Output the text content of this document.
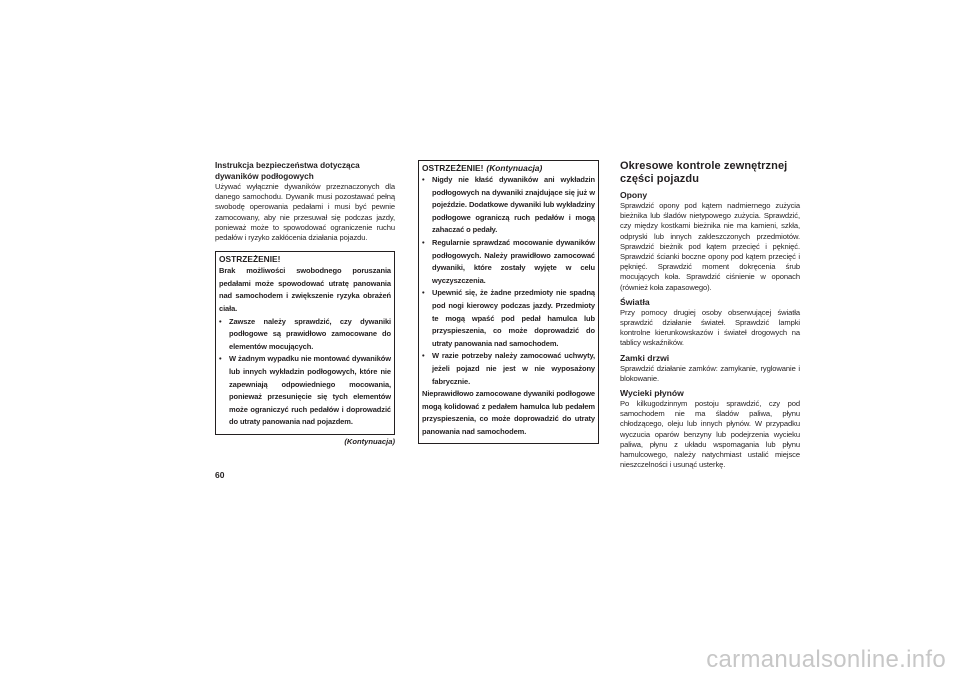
Instrukcja bezpieczeństwa dotycząca dywaników podłogowych

Używać wyłącznie dywaników przeznaczonych dla danego samochodu. Dywanik musi pozostawać pełną swobodę operowania pedałami i musi być pewnie zamocowany, aby nie przesuwał się podczas jazdy, ponieważ może to spowodować ograniczenie ruchu pedałów i ryzyko zakłócenia działania pojazdu.

OSTRZEŻENIE!

Brak możliwości swobodnego poruszania pedałami może spowodować utratę panowania nad samochodem i zwiększenie ryzyka obrażeń ciała.

• Zawsze należy sprawdzić, czy dywaniki podłogowe są prawidłowo zamocowane do elementów mocujących.
• W żadnym wypadku nie montować dywaników lub innych wykładzin podłogowych, które nie zapewniają odpowiedniego mocowania, ponieważ przesunięcie się tych elementów może ograniczyć ruch pedałów i doprowadzić do utraty panowania nad pojazdem.
(Kontynuacja)

OSTRZEŻENIE! (Kontynuacja)

• Nigdy nie kłaść dywaników ani wykładzin podłogowych na dywaniki znajdujące się już w pojeździe. Dodatkowe dywaniki lub wykładziny podłogowe ograniczą ruch pedałów i mogą zahaczać o pedały.
• Regularnie sprawdzać mocowanie dywaników podłogowych. Należy prawidłowo zamocować dywaniki, które zostały wyjęte w celu wyczyszczenia.
• Upewnić się, że żadne przedmioty nie spadną pod nogi kierowcy podczas jazdy. Przedmioty te mogą wpaść pod pedał hamulca lub przyspieszenia, co może doprowadzić do utraty panowania nad samochodem.
• W razie potrzeby należy zamocować uchwyty, jeżeli pojazd nie jest w nie wyposażony fabrycznie.

Nieprawidłowo zamocowane dywaniki podłogowe mogą kolidować z pedałem hamulca lub pedałem przyspieszenia, co może doprowadzić do utraty panowania nad samochodem.

Okresowe kontrole zewnętrznej części pojazdu

Opony

Sprawdzić opony pod kątem nadmiernego zużycia bieżnika lub śladów nietypowego zużycia. Sprawdzić, czy między kostkami bieżnika nie ma kamieni, szkła, odpryski lub innych zakleszczonych przedmiotów. Sprawdzić bieżnik pod kątem przecięć i pęknięć. Sprawdzić ścianki boczne opony pod kątem przecięć i pęknięć. Sprawdzić moment dokręcenia śrub mocujących koła. Sprawdzić ciśnienie w oponach (również koła zapasowego).

Światła

Przy pomocy drugiej osoby obserwującej światła sprawdzić działanie świateł. Sprawdzić lampki kontrolne kierunkowskazów i świateł drogowych na tablicy wskaźników.

Zamki drzwi

Sprawdzić działanie zamków: zamykanie, ryglowanie i blokowanie.

Wycieki płynów

Po kilkugodzinnym postoju sprawdzić, czy pod samochodem nie ma śladów paliwa, płynu chłodzącego, oleju lub innych płynów. W przypadku wyczucia oparów benzyny lub podejrzenia wycieku paliwa, płynu z układu wspomagania lub płynu hamulcowego, należy natychmiast ustalić miejsce nieszczelności i usunąć usterkę.

60
carmanualsonline.info
